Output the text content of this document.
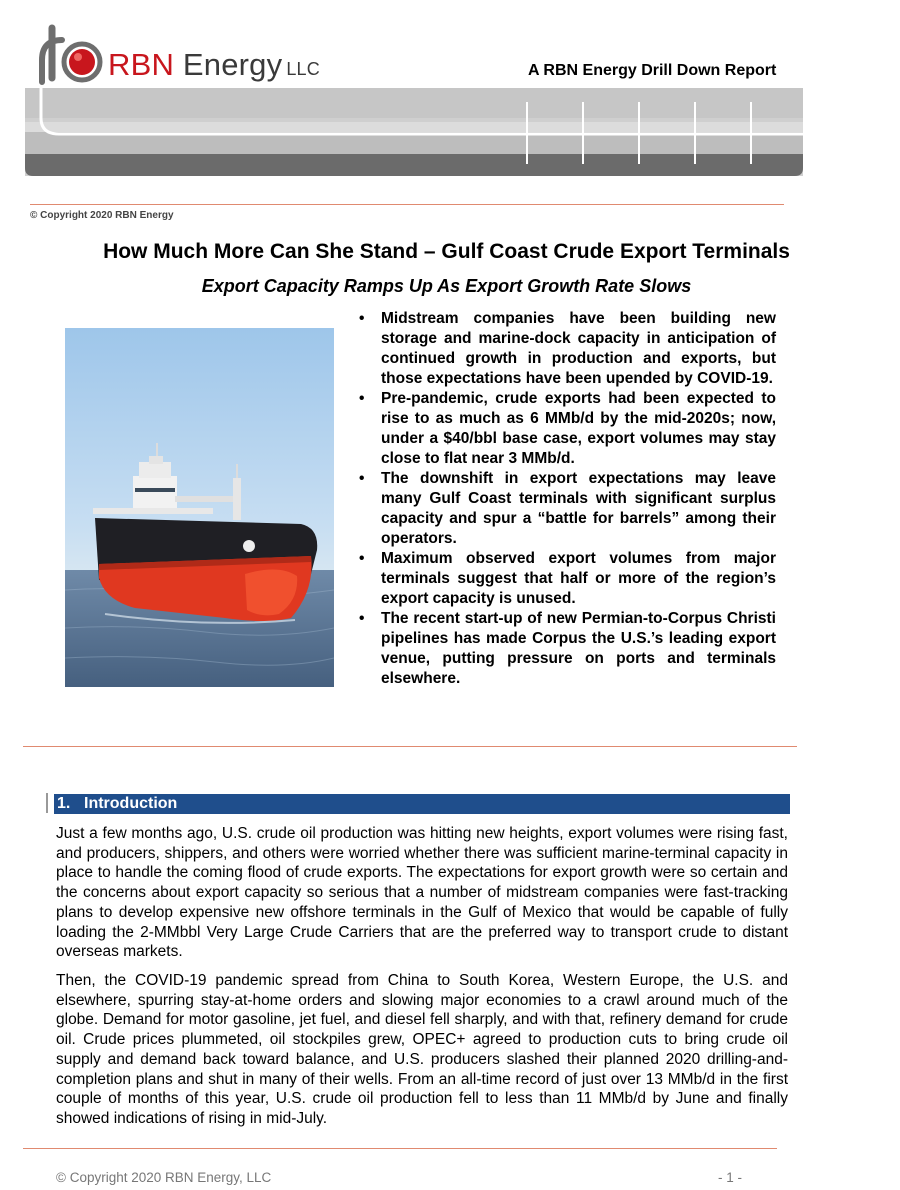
RBN Energy LLC	A RBN Energy Drill Down Report
© Copyright 2020 RBN Energy
How Much More Can She Stand – Gulf Coast Crude Export Terminals
Export Capacity Ramps Up As Export Growth Rate Slows
• Midstream companies have been building new storage and marine-dock capacity in anticipation of continued growth in production and exports, but those expectations have been upended by COVID-19.
• Pre-pandemic, crude exports had been expected to rise to as much as 6 MMb/d by the mid-2020s; now, under a $40/bbl base case, export volumes may stay close to flat near 3 MMb/d.
• The downshift in export expectations may leave many Gulf Coast terminals with significant surplus capacity and spur a “battle for barrels” among their operators.
• Maximum observed export volumes from major terminals suggest that half or more of the region’s export capacity is unused.
• The recent start-up of new Permian-to-Corpus Christi pipelines has made Corpus the U.S.’s leading export venue, putting pressure on ports and terminals elsewhere.
1. Introduction

Just a few months ago, U.S. crude oil production was hitting new heights, export volumes were rising fast, and producers, shippers, and others were worried whether there was sufficient marine-terminal capacity in place to handle the coming flood of crude exports. The expectations for export growth were so certain and the concerns about export capacity so serious that a number of midstream companies were fast-tracking plans to develop expensive new offshore terminals in the Gulf of Mexico that would be capable of fully loading the 2-MMbbl Very Large Crude Carriers that are the preferred way to transport crude to distant overseas markets.

Then, the COVID-19 pandemic spread from China to South Korea, Western Europe, the U.S. and elsewhere, spurring stay-at-home orders and slowing major economies to a crawl around much of the globe. Demand for motor gasoline, jet fuel, and diesel fell sharply, and with that, refinery demand for crude oil. Crude prices plummeted, oil stockpiles grew, OPEC+ agreed to production cuts to bring crude oil supply and demand back toward balance, and U.S. producers slashed their planned 2020 drilling-and-completion plans and shut in many of their wells. From an all-time record of just over 13 MMb/d in the first couple of months of this year, U.S. crude oil production fell to less than 11 MMb/d by June and finally showed indications of rising in mid-July.

© Copyright 2020 RBN Energy, LLC	- 1 -
